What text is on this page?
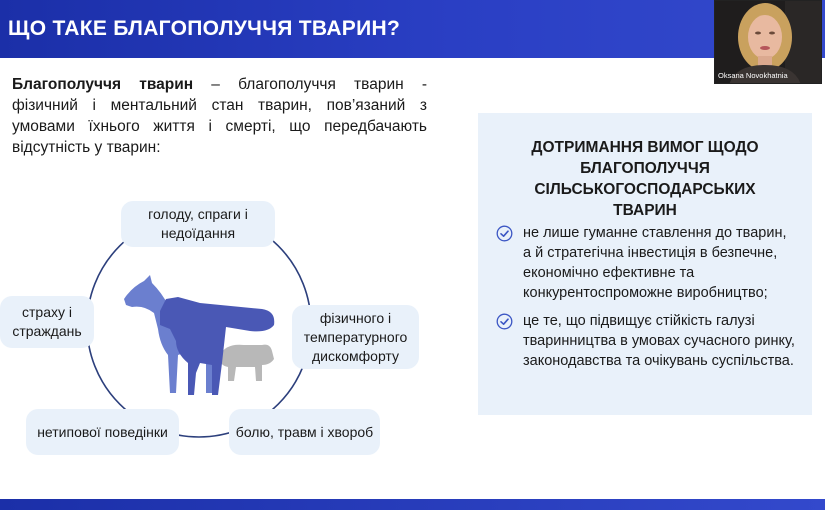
ЩО ТАКЕ БЛАГОПОЛУЧЧЯ ТВАРИН?
Oksana Novokhatnia
Благополуччя тварин – благополуччя тварин - фізичний і ментальний стан тварин, пов’язаний з умовами їхнього життя і смерті, що передбачають відсутність у тварин:
голоду, спраги і недоїдання
фізичного і температурного дискомфорту
болю, травм і хвороб
нетипової поведінки
страху і страждань
ДОТРИМАННЯ ВИМОГ ЩОДО БЛАГОПОЛУЧЧЯ СІЛЬСЬКОГОСПОДАРСЬКИХ ТВАРИН
не лише гуманне ставлення до тварин, а й стратегічна інвестиція в безпечне, економічно ефективне та конкурентоспроможне виробництво;
це те, що підвищує стійкість галузі тваринництва в умовах сучасного ринку, законодавства та очікувань суспільства.
